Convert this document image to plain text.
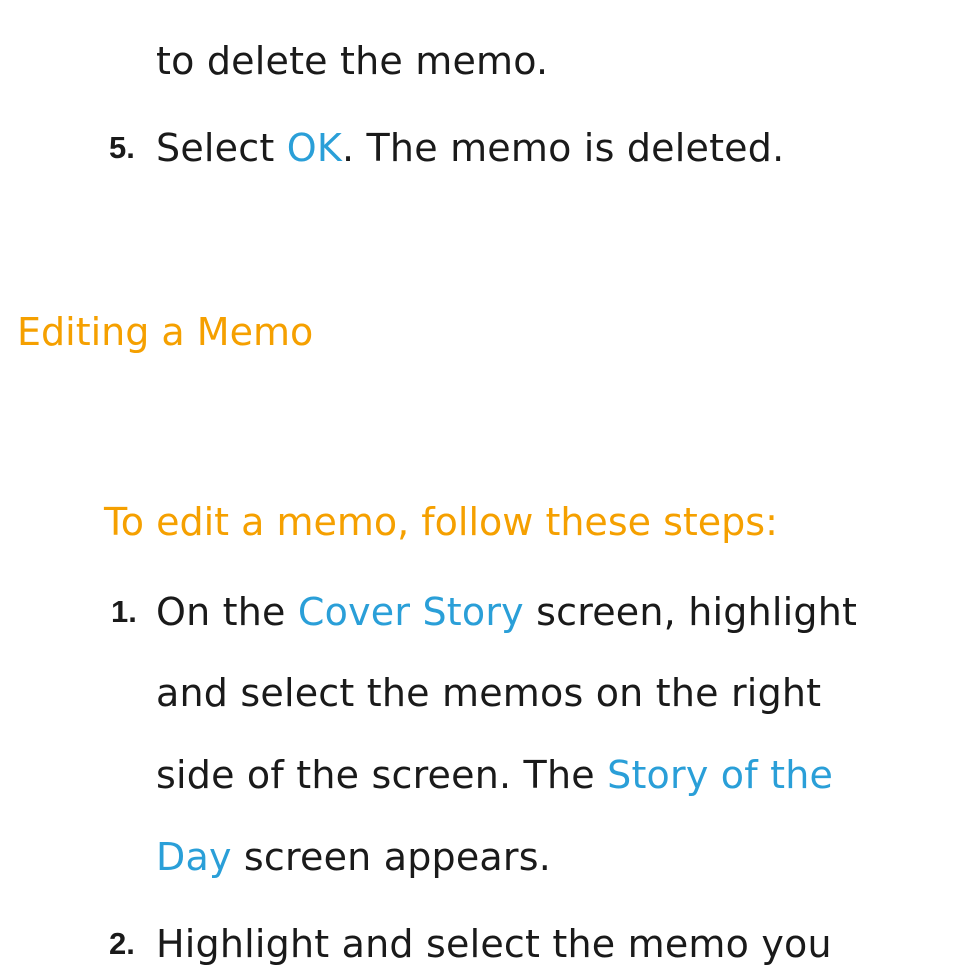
to delete the memo.
5. Select OK. The memo is deleted.
Editing a Memo
To edit a memo, follow these steps:
1. On the Cover Story screen, highlight
and select the memos on the right
side of the screen. The Story of the
Day screen appears.
2. Highlight and select the memo you
